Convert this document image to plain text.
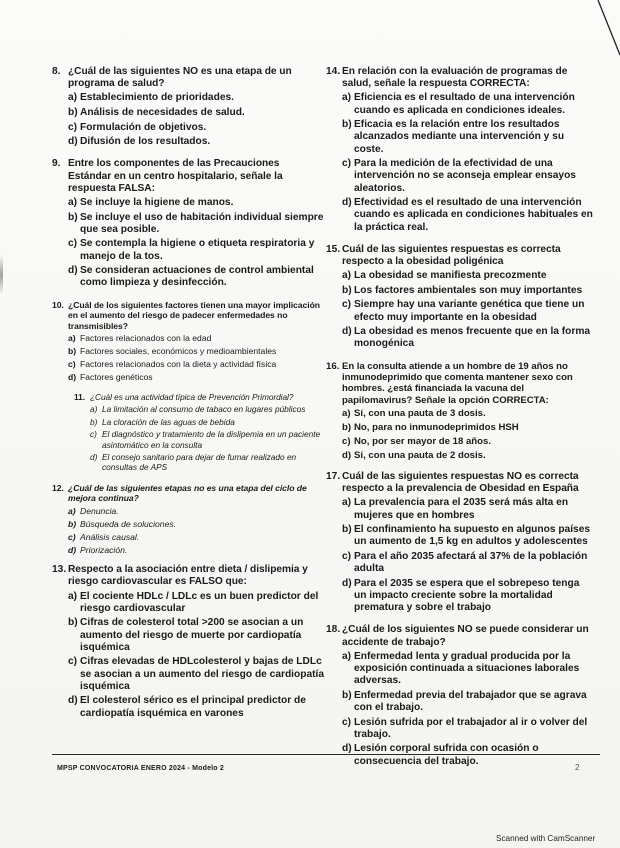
8. ¿Cuál de las siguientes NO es una etapa de un programa de salud?
a) Establecimiento de prioridades.
b) Análisis de necesidades de salud.
c) Formulación de objetivos.
d) Difusión de los resultados.
9. Entre los componentes de las Precauciones Estándar en un centro hospitalario, señale la respuesta FALSA:
a) Se incluye la higiene de manos.
b) Se incluye el uso de habitación individual siempre que sea posible.
c) Se contempla la higiene o etiqueta respiratoria y manejo de la tos.
d) Se consideran actuaciones de control ambiental como limpieza y desinfección.
10. ¿Cuál de los siguientes factores tienen una mayor implicación en el aumento del riesgo de padecer enfermedades no transmisibles?
a) Factores relacionados con la edad
b) Factores sociales, económicos y medioambientales
c) Factores relacionados con la dieta y actividad física
d) Factores genéticos
11. ¿Cuál es una actividad típica de Prevención Primordial?
a) La limitación al consumo de tabaco en lugares públicos
b) La cloración de las aguas de bebida
c) El diagnóstico y tratamiento de la dislipemia en un paciente asintomático en la consulta
d) El consejo sanitario para dejar de fumar realizado en consultas de APS
12. ¿Cuál de las siguientes etapas no es una etapa del ciclo de mejora continua?
a) Denuncia.
b) Búsqueda de soluciones.
c) Análisis causal.
d) Priorización.
13. Respecto a la asociación entre dieta / dislipemia y riesgo cardiovascular es FALSO que:
a) El cociente HDLc / LDLc es un buen predictor del riesgo cardiovascular
b) Cifras de colesterol total >200 se asocian a un aumento del riesgo de muerte por cardiopatía isquémica
c) Cifras elevadas de HDLcolesterol y bajas de LDLc se asocian a un aumento del riesgo de cardiopatía isquémica
d) El colesterol sérico es el principal predictor de cardiopatía isquémica en varones
14. En relación con la evaluación de programas de salud, señale la respuesta CORRECTA:
a) Eficiencia es el resultado de una intervención cuando es aplicada en condiciones ideales.
b) Eficacia es la relación entre los resultados alcanzados mediante una intervención y su coste.
c) Para la medición de la efectividad de una intervención no se aconseja emplear ensayos aleatorios.
d) Efectividad es el resultado de una intervención cuando es aplicada en condiciones habituales en la práctica real.
15. Cuál de las siguientes respuestas es correcta respecto a la obesidad poligénica
a) La obesidad se manifiesta precozmente
b) Los factores ambientales son muy importantes
c) Siempre hay una variante genética que tiene un efecto muy importante en la obesidad
d) La obesidad es menos frecuente que en la forma monogénica
16. En la consulta atiende a un hombre de 19 años no inmunodeprimido que comenta mantener sexo con hombres. ¿está financiada la vacuna del papilomavirus? Señale la opción CORRECTA:
a) Sí, con una pauta de 3 dosis.
b) No, para no inmunodeprimidos HSH
c) No, por ser mayor de 18 años.
d) Sí, con una pauta de 2 dosis.
17. Cuál de las siguientes respuestas NO es correcta respecto a la prevalencia de Obesidad en España
a) La prevalencia para el 2035 será más alta en mujeres que en hombres
b) El confinamiento ha supuesto en algunos países un aumento de 1,5 kg en adultos y adolescentes
c) Para el año 2035 afectará al 37% de la población adulta
d) Para el 2035 se espera que el sobrepeso tenga un impacto creciente sobre la mortalidad prematura y sobre el trabajo
18. ¿Cuál de los siguientes NO se puede considerar un accidente de trabajo?
a) Enfermedad lenta y gradual producida por la exposición continuada a situaciones laborales adversas.
b) Enfermedad previa del trabajador que se agrava con el trabajo.
c) Lesión sufrida por el trabajador al ir o volver del trabajo.
d) Lesión corporal sufrida con ocasión o consecuencia del trabajo.
MPSP CONVOCATORIA ENERO 2024 - Modelo 2	2
Scanned with CamScanner
